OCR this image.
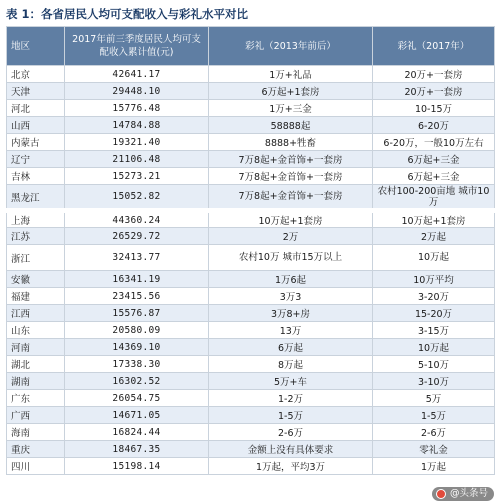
表 1：各省居民人均可支配收入与彩礼水平对比
地区	2017年前三季度居民人均可支配收入累计值(元)	彩礼（2013年前后）	彩礼（2017年）
北京	42641.17	1万+礼品	20万+一套房
天津	29448.10	6万起+1套房	20万+一套房
河北	15776.48	1万+三金	10-15万
山西	14784.88	58888起	6-20万
内蒙古	19321.40	8888+牲畜	6-20万，一般10万左右
辽宁	21106.48	7万8起+金首饰+一套房	6万起+三金
吉林	15273.21	7万8起+金首饰+一套房	6万起+三金
黑龙江	15052.82	7万8起+金首饰+一套房	农村100-200亩地 城市10万
上海	44360.24	10万起+1套房	10万起+1套房
江苏	26529.72	2万	2万起
浙江	32413.77	农村10万 城市15万以上	10万起
安徽	16341.19	1万6起	10万平均
福建	23415.56	3万3	3-20万
江西	15576.87	3万8+房	15-20万
山东	20580.09	13万	3-15万
河南	14369.10	6万起	10万起
湖北	17338.30	8万起	5-10万
湖南	16302.52	5万+车	3-10万
广东	26054.75	1-2万	5万
广西	14671.05	1-5万	1-5万
海南	16824.44	2-6万	2-6万
重庆	18467.35	金额上没有具体要求	零礼金
四川	15198.14	1万起，平均3万	1万起
@头条号
